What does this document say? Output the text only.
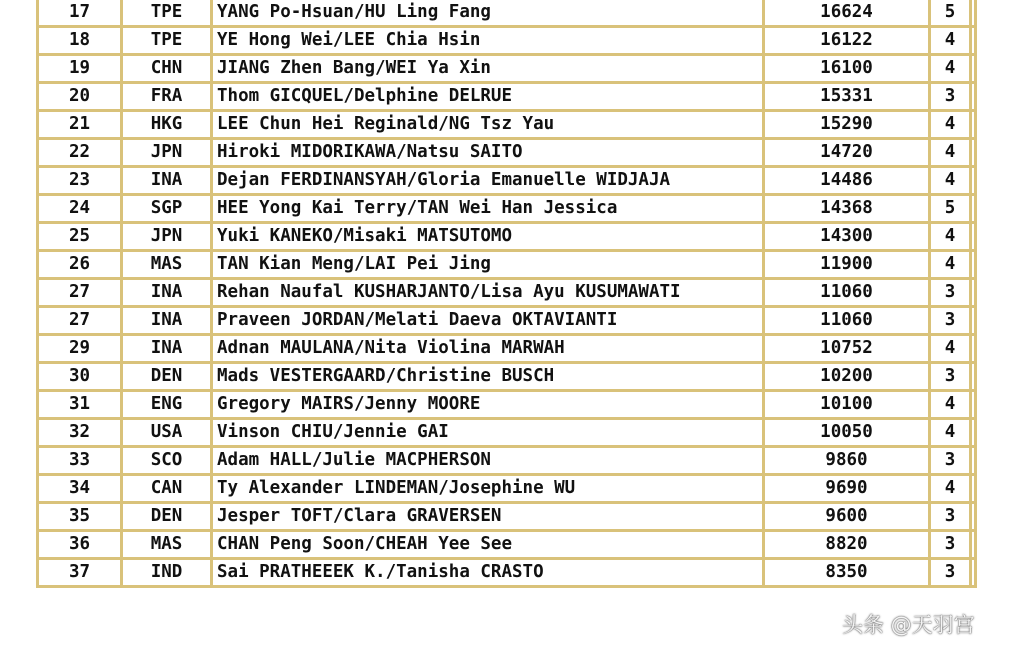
17	TPE	YANG Po-Hsuan/HU Ling Fang	16624	5	
18	TPE	YE Hong Wei/LEE Chia Hsin	16122	4	
19	CHN	JIANG Zhen Bang/WEI Ya Xin	16100	4	
20	FRA	Thom GICQUEL/Delphine DELRUE	15331	3	
21	HKG	LEE Chun Hei Reginald/NG Tsz Yau	15290	4	
22	JPN	Hiroki MIDORIKAWA/Natsu SAITO	14720	4	
23	INA	Dejan FERDINANSYAH/Gloria Emanuelle WIDJAJA	14486	4	
24	SGP	HEE Yong Kai Terry/TAN Wei Han Jessica	14368	5	
25	JPN	Yuki KANEKO/Misaki MATSUTOMO	14300	4	
26	MAS	TAN Kian Meng/LAI Pei Jing	11900	4	
27	INA	Rehan Naufal KUSHARJANTO/Lisa Ayu KUSUMAWATI	11060	3	
27	INA	Praveen JORDAN/Melati Daeva OKTAVIANTI	11060	3	
29	INA	Adnan MAULANA/Nita Violina MARWAH	10752	4	
30	DEN	Mads VESTERGAARD/Christine BUSCH	10200	3	
31	ENG	Gregory MAIRS/Jenny MOORE	10100	4	
32	USA	Vinson CHIU/Jennie GAI	10050	4	
33	SCO	Adam HALL/Julie MACPHERSON	9860	3	
34	CAN	Ty Alexander LINDEMAN/Josephine WU	9690	4	
35	DEN	Jesper TOFT/Clara GRAVERSEN	9600	3	
36	MAS	CHAN Peng Soon/CHEAH Yee See	8820	3	
37	IND	Sai PRATHEEEK K./Tanisha CRASTO	8350	3	
头条 @天羽宫
